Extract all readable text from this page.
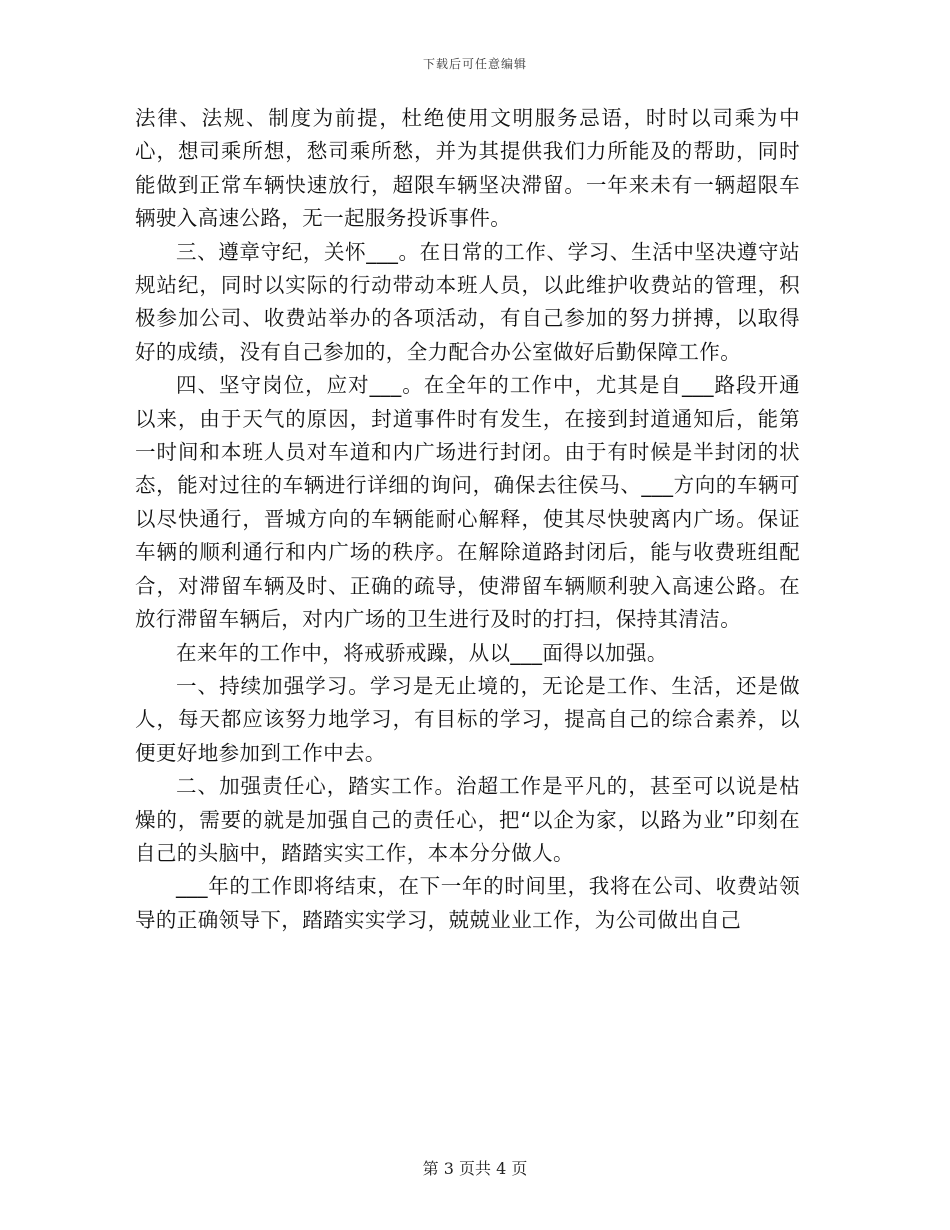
下载后可任意编辑

法律、法规、制度为前提，杜绝使用文明服务忌语，时时以司乘为中心，想司乘所想，愁司乘所愁，并为其提供我们力所能及的帮助，同时能做到正常车辆快速放行，超限车辆坚决滞留。一年来未有一辆超限车辆驶入高速公路，无一起服务投诉事件。

三、遵章守纪，关怀___。在日常的工作、学习、生活中坚决遵守站规站纪，同时以实际的行动带动本班人员，以此维护收费站的管理，积极参加公司、收费站举办的各项活动，有自己参加的努力拼搏，以取得好的成绩，没有自己参加的，全力配合办公室做好后勤保障工作。

四、坚守岗位，应对___。在全年的工作中，尤其是自___路段开通以来，由于天气的原因，封道事件时有发生，在接到封道通知后，能第一时间和本班人员对车道和内广场进行封闭。由于有时候是半封闭的状态，能对过往的车辆进行详细的询问，确保去往侯马、___方向的车辆可以尽快通行，晋城方向的车辆能耐心解释，使其尽快驶离内广场。保证车辆的顺利通行和内广场的秩序。在解除道路封闭后，能与收费班组配合，对滞留车辆及时、正确的疏导，使滞留车辆顺利驶入高速公路。在放行滞留车辆后，对内广场的卫生进行及时的打扫，保持其清洁。

在来年的工作中，将戒骄戒躁，从以___面得以加强。

一、持续加强学习。学习是无止境的，无论是工作、生活，还是做人，每天都应该努力地学习，有目标的学习，提高自己的综合素养，以便更好地参加到工作中去。

二、加强责任心，踏实工作。治超工作是平凡的，甚至可以说是枯燥的，需要的就是加强自己的责任心，把“以企为家，以路为业”印刻在自己的头脑中，踏踏实实工作，本本分分做人。

___年的工作即将结束，在下一年的时间里，我将在公司、收费站领导的正确领导下，踏踏实实学习，兢兢业业工作，为公司做出自己

第 3 页共 4 页
